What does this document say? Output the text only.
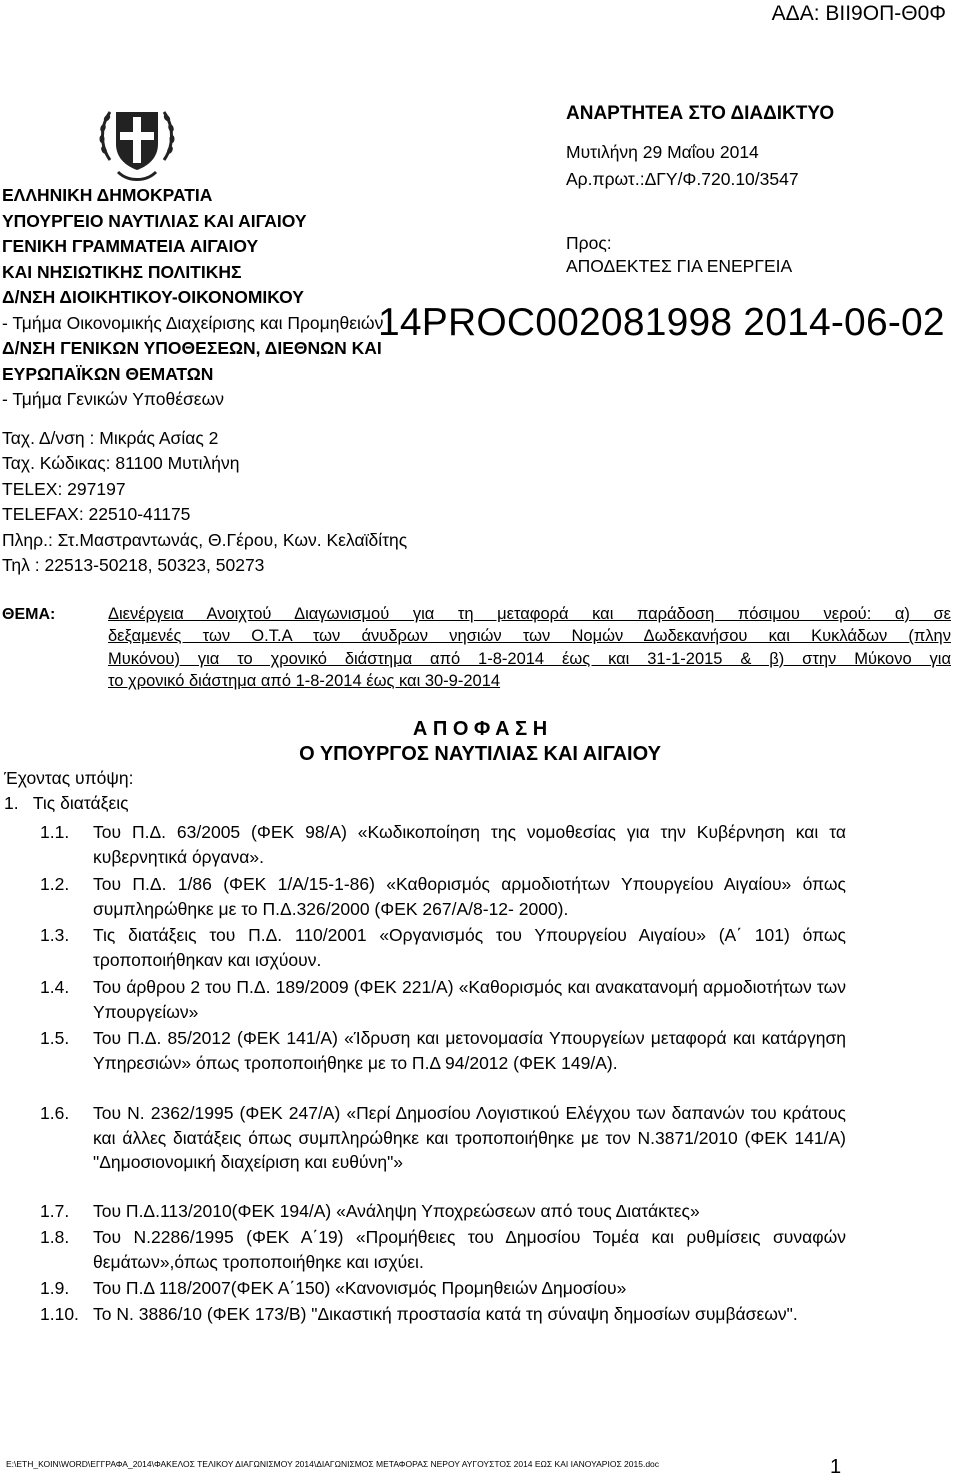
ΑΔΑ: ΒΙΙ9ΟΠ-Θ0Φ
ΕΛΛΗΝΙΚΗ ΔΗΜΟΚΡΑΤΙΑ
ΥΠΟΥΡΓΕΙΟ ΝΑΥΤΙΛΙΑΣ ΚΑΙ ΑΙΓΑΙΟΥ
ΓΕΝΙΚΗ ΓΡΑΜΜΑΤΕΙΑ ΑΙΓΑΙΟΥ
ΚΑΙ ΝΗΣΙΩΤΙΚΗΣ ΠΟΛΙΤΙΚΗΣ
Δ/ΝΣΗ ΔΙΟΙΚΗΤΙΚΟΥ-ΟΙΚΟΝΟΜΙΚΟΥ
- Τμήμα Οικονομικής Διαχείρισης και Προμηθειών
Δ/ΝΣΗ ΓΕΝΙΚΩΝ ΥΠΟΘΕΣΕΩΝ, ΔΙΕΘΝΩΝ ΚΑΙ
ΕΥΡΩΠΑΪΚΩΝ ΘΕΜΑΤΩΝ
- Τμήμα Γενικών Υποθέσεων
Ταχ. Δ/νση : Μικράς Ασίας 2
Ταχ. Κώδικας: 81100 Μυτιλήνη
TELEX: 297197
TELEFAX: 22510-41175
Πληρ.: Στ.Μαστραντωνάς, Θ.Γέρου, Κων. Κελαϊδίτης
Τηλ : 22513-50218, 50323, 50273
ΑΝΑΡΤΗΤΕΑ ΣΤΟ ΔΙΑΔΙΚΤΥΟ
Μυτιλήνη 29 Μαΐου 2014
Αρ.πρωτ.:ΔΓΥ/Φ.720.10/3547
Προς:
ΑΠΟΔΕΚΤΕΣ ΓΙΑ ΕΝΕΡΓΕΙΑ
14PROC002081998 2014-06-02
ΘΕΜΑ:	Διενέργεια Ανοιχτού Διαγωνισμού για τη μεταφορά και παράδοση πόσιμου νερού: α) σε
δεξαμενές των Ο.Τ.Α των άνυδρων νησιών των Νομών Δωδεκανήσου και Κυκλάδων (πλην
Μυκόνου) για το χρονικό διάστημα από 1-8-2014 έως και 31-1-2015 & β) στην Μύκονο για
το χρονικό διάστημα από 1-8-2014 έως και 30-9-2014
Α Π Ο Φ Α Σ Η
Ο ΥΠΟΥΡΓΟΣ ΝΑΥΤΙΛΙΑΣ ΚΑΙ ΑΙΓΑΙΟΥ
Έχοντας υπόψη:
1.   Τις διατάξεις
1.1. Του Π.Δ. 63/2005 (ΦΕΚ 98/Α) «Κωδικοποίηση της νομοθεσίας για την Κυβέρνηση και τα κυβερνητικά όργανα».
1.2. Του Π.Δ. 1/86 (ΦΕΚ 1/Α/15-1-86) «Καθορισμός αρμοδιοτήτων Υπουργείου Αιγαίου» όπως συμπληρώθηκε με το Π.Δ.326/2000 (ΦΕΚ 267/Α/8-12- 2000).
1.3. Τις διατάξεις του Π.Δ. 110/2001 «Οργανισμός του Υπουργείου Αιγαίου» (Α΄ 101) όπως τροποποιήθηκαν και ισχύουν.
1.4. Του άρθρου 2 του Π.Δ. 189/2009 (ΦΕΚ 221/Α) «Καθορισμός και ανακατανομή αρμοδιοτήτων των Υπουργείων»
1.5. Του Π.Δ. 85/2012 (ΦΕΚ 141/Α) «Ίδρυση και μετονομασία Υπουργείων μεταφορά και κατάργηση Υπηρεσιών» όπως τροποποιήθηκε με το Π.Δ 94/2012 (ΦΕΚ 149/Α).
1.6. Του Ν. 2362/1995 (ΦΕΚ 247/Α) «Περί Δημοσίου Λογιστικού Ελέγχου των δαπανών του κράτους και άλλες διατάξεις όπως συμπληρώθηκε και τροποποιήθηκε με τον Ν.3871/2010 (ΦΕΚ 141/Α) "Δημοσιονομική διαχείριση και ευθύνη"»
1.7. Του Π.Δ.113/2010(ΦΕΚ 194/Α) «Ανάληψη Υποχρεώσεων από τους Διατάκτες»
1.8. Του Ν.2286/1995 (ΦΕΚ Α΄19) «Προμήθειες του Δημοσίου Τομέα και ρυθμίσεις συναφών θεμάτων»,όπως τροποποιήθηκε και ισχύει.
1.9. Του Π.Δ 118/2007(ΦΕΚ Α΄150) «Κανονισμός Προμηθειών Δημοσίου»
1.10. Το Ν. 3886/10 (ΦΕΚ 173/Β) "Δικαστική προστασία κατά τη σύναψη δημοσίων συμβάσεων".
E:\ΕΤΗ_ΚΟΙΝ\WORD\ΕΓΓΡΑΦΑ_2014\ΦΑΚΕΛΟΣ ΤΕΛΙΚΟΥ ΔΙΑΓΩΝΙΣΜΟΥ 2014\ΔΙΑΓΩΝΙΣΜΟΣ ΜΕΤΑΦΟΡΑΣ ΝΕΡΟΥ ΑΥΓΟΥΣΤΟΣ 2014 ΕΩΣ ΚΑΙ ΙΑΝΟΥΑΡΙΟΣ 2015.doc	1
